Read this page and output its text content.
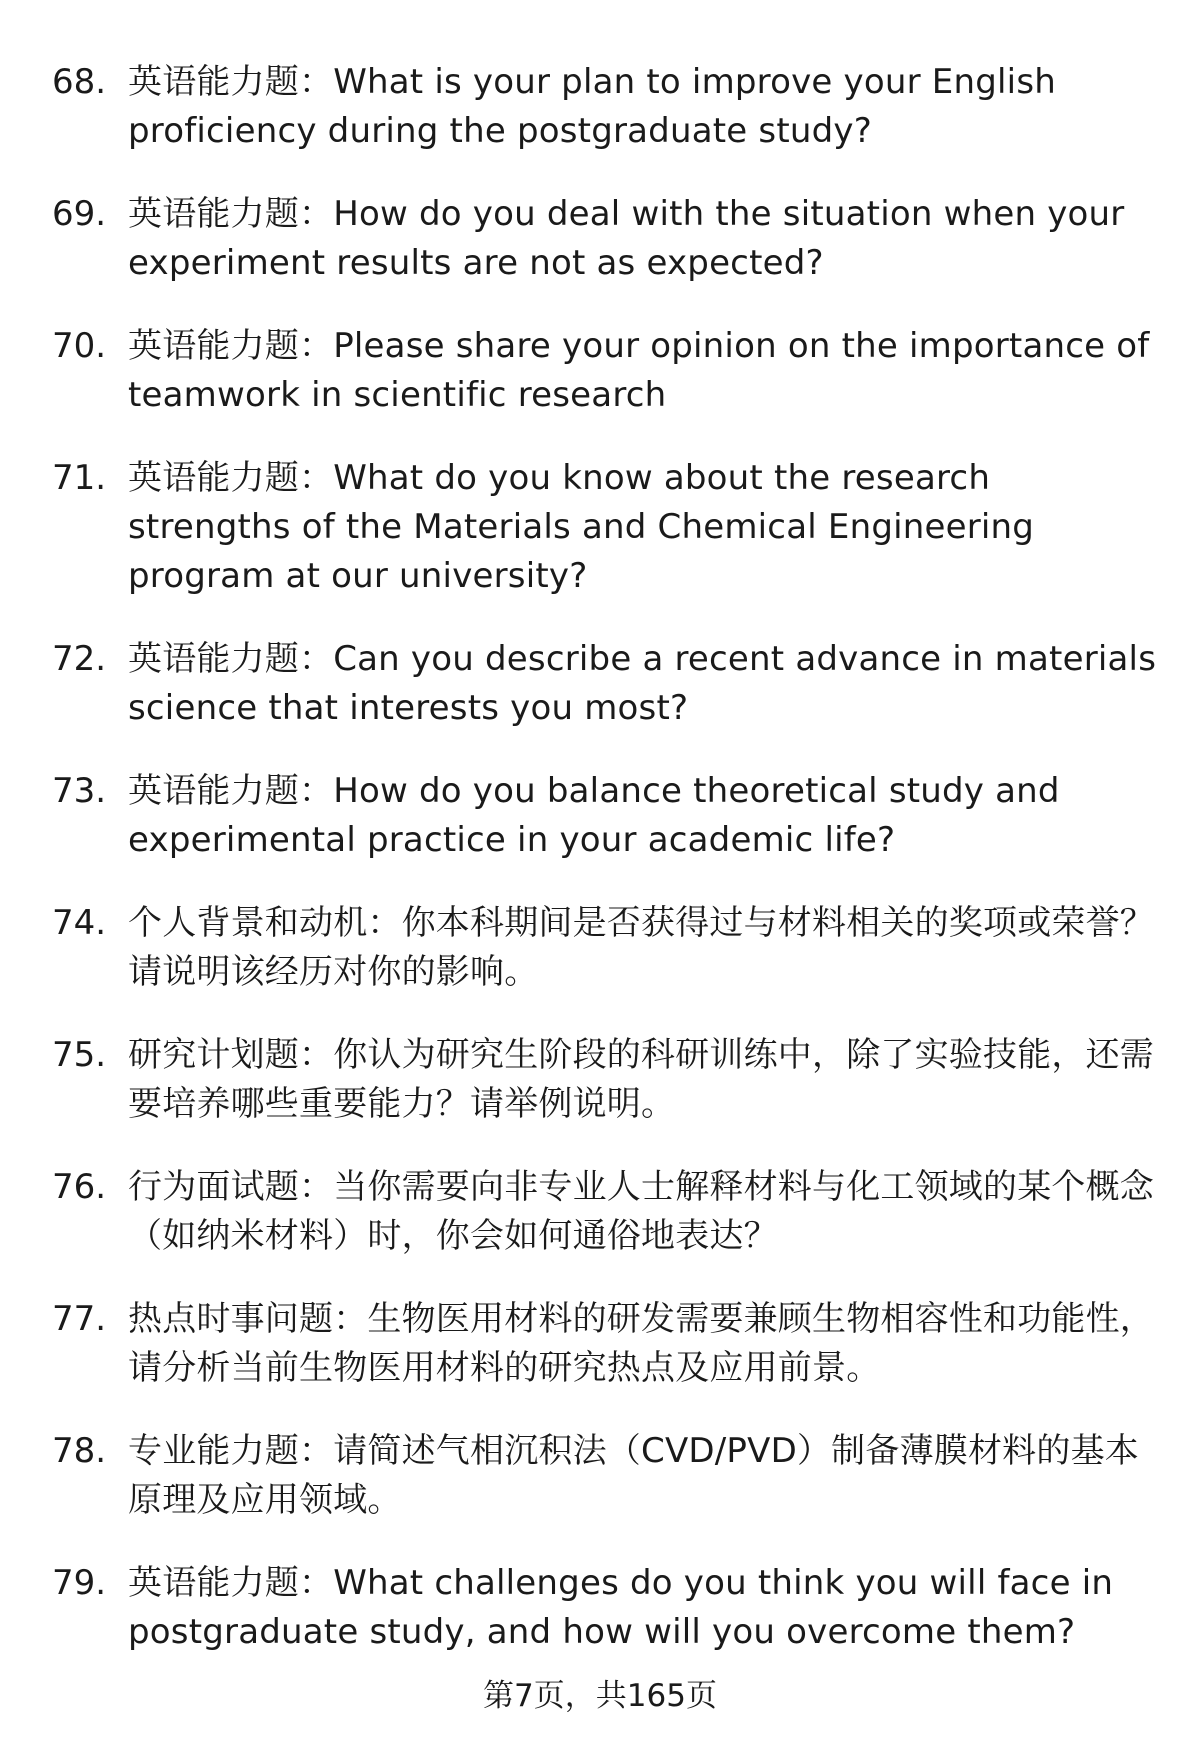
68. 英语能力题：What is your plan to improve your English proficiency during the postgraduate study?
69. 英语能力题：How do you deal with the situation when your experiment results are not as expected?
70. 英语能力题：Please share your opinion on the importance of teamwork in scientific research
71. 英语能力题：What do you know about the research strengths of the Materials and Chemical Engineering program at our university?
72. 英语能力题：Can you describe a recent advance in materials science that interests you most?
73. 英语能力题：How do you balance theoretical study and experimental practice in your academic life?
74. 个人背景和动机：你本科期间是否获得过与材料相关的奖项或荣誉？请说明该经历对你的影响。
75. 研究计划题：你认为研究生阶段的科研训练中，除了实验技能，还需要培养哪些重要能力？请举例说明。
76. 行为面试题：当你需要向非专业人士解释材料与化工领域的某个概念（如纳米材料）时，你会如何通俗地表达？
77. 热点时事问题：生物医用材料的研发需要兼顾生物相容性和功能性，请分析当前生物医用材料的研究热点及应用前景。
78. 专业能力题：请简述气相沉积法（CVD/PVD）制备薄膜材料的基本原理及应用领域。
79. 英语能力题：What challenges do you think you will face in postgraduate study, and how will you overcome them?
第7页，共165页
